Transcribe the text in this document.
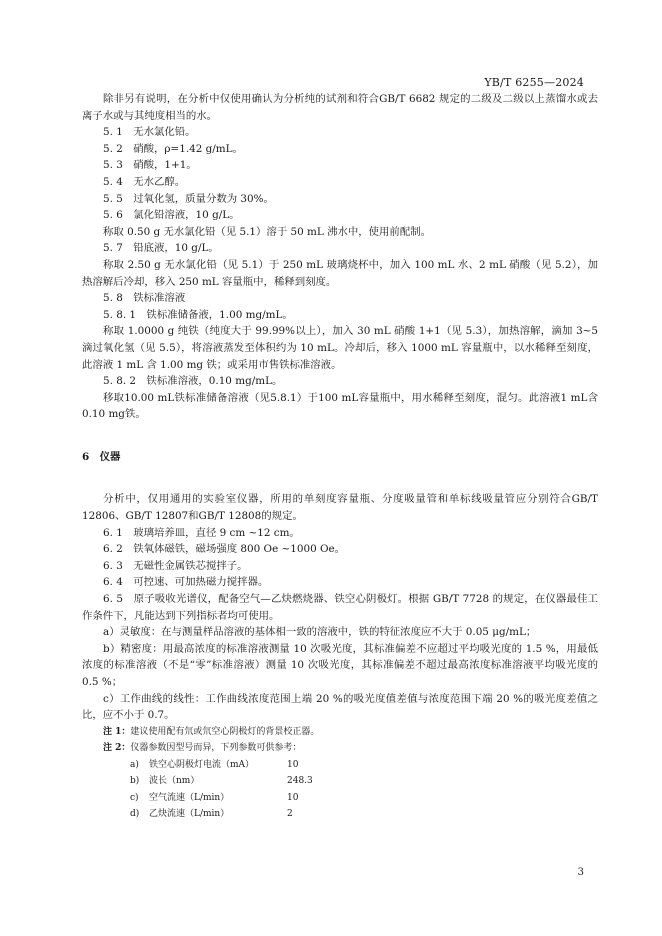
YB/T 6255—2024

除非另有说明，在分析中仅使用确认为分析纯的试剂和符合GB/T 6682 规定的二级及二级以上蒸馏水或去离子水或与其纯度相当的水。

5. 1　无水氯化铅。

5. 2　硝酸，ρ=1.42 g/mL。

5. 3　硝酸，1+1。

5. 4　无水乙醇。

5. 5　过氧化氢，质量分数为 30%。

5. 6　氯化铅溶液，10 g/L。

称取 0.50 g 无水氯化铅（见 5.1）溶于 50 mL 沸水中，使用前配制。

5. 7　铅底液，10 g/L。

称取 2.50 g 无水氯化铅（见 5.1）于 250 mL 玻璃烧杯中，加入 100 mL 水、2 mL 硝酸（见 5.2），加热溶解后冷却，移入 250 mL 容量瓶中，稀释到刻度。

5. 8　铁标准溶液

5. 8. 1　铁标准储备液，1.00 mg/mL。

称取 1.0000 g 纯铁（纯度大于 99.99%以上），加入 30 mL 硝酸 1+1（见 5.3），加热溶解，滴加 3~5 滴过氧化氢（见 5.5），将溶液蒸发至体积约为 10 mL。冷却后，移入 1000 mL 容量瓶中，以水稀释至刻度，此溶液 1 mL 含 1.00 mg 铁；或采用市售铁标准溶液。

5. 8. 2　铁标准溶液，0.10 mg/mL。

移取10.00 mL铁标准储备溶液（见5.8.1）于100 mL容量瓶中，用水稀释至刻度，混匀。此溶液1 mL含0.10 mg铁。

6　仪器

分析中，仅用通用的实验室仪器，所用的单刻度容量瓶、分度吸量管和单标线吸量管应分别符合GB/T 12806、GB/T 12807和GB/T 12808的规定。

6. 1　玻璃培养皿，直径 9 cm ~12 cm。

6. 2　铁氧体磁铁，磁场强度 800 Oe ~1000 Oe。

6. 3　无磁性金属铁芯搅拌子。

6. 4　可控速、可加热磁力搅拌器。

6. 5　原子吸收光谱仪，配备空气—乙炔燃烧器、铁空心阴极灯。根据 GB/T 7728 的规定，在仪器最佳工作条件下，凡能达到下列指标者均可使用。

a）灵敏度：在与测量样品溶液的基体相一致的溶液中，铁的特征浓度应不大于 0.05 μg/mL；

b）精密度：用最高浓度的标准溶液测量 10 次吸光度，其标准偏差不应超过平均吸光度的 1.5 %，用最低浓度的标准溶液（不是“零”标准溶液）测量 10 次吸光度，其标准偏差不超过最高浓度标准溶液平均吸光度的 0.5 %；

c）工作曲线的线性：工作曲线浓度范围上端 20 %的吸光度值差值与浓度范围下端 20 %的吸光度差值之比，应不小于 0.7。

注 1：建议使用配有氘或氘空心阴极灯的背景校正器。

注 2：仪器参数因型号而异，下列参数可供参考：

a) 铁空心阴极灯电流（mA）	10
b) 波长（nm）	248.3
c) 空气流速（L/min）	10
d) 乙炔流速（L/min）	2
3
